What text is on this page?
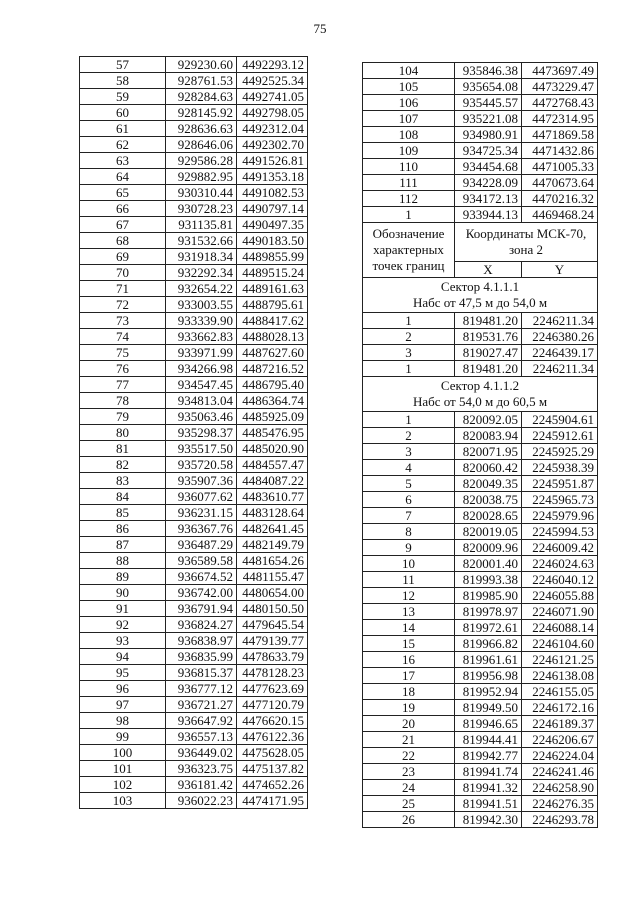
75
57	929230.60	4492293.12
58	928761.53	4492525.34
59	928284.63	4492741.05
60	928145.92	4492798.05
61	928636.63	4492312.04
62	928646.06	4492302.70
63	929586.28	4491526.81
64	929882.95	4491353.18
65	930310.44	4491082.53
66	930728.23	4490797.14
67	931135.81	4490497.35
68	931532.66	4490183.50
69	931918.34	4489855.99
70	932292.34	4489515.24
71	932654.22	4489161.63
72	933003.55	4488795.61
73	933339.90	4488417.62
74	933662.83	4488028.13
75	933971.99	4487627.60
76	934266.98	4487216.52
77	934547.45	4486795.40
78	934813.04	4486364.74
79	935063.46	4485925.09
80	935298.37	4485476.95
81	935517.50	4485020.90
82	935720.58	4484557.47
83	935907.36	4484087.22
84	936077.62	4483610.77
85	936231.15	4483128.64
86	936367.76	4482641.45
87	936487.29	4482149.79
88	936589.58	4481654.26
89	936674.52	4481155.47
90	936742.00	4480654.00
91	936791.94	4480150.50
92	936824.27	4479645.54
93	936838.97	4479139.77
94	936835.99	4478633.79
95	936815.37	4478128.23
96	936777.12	4477623.69
97	936721.27	4477120.79
98	936647.92	4476620.15
99	936557.13	4476122.36
100	936449.02	4475628.05
101	936323.75	4475137.82
102	936181.42	4474652.26
103	936022.23	4474171.95
104	935846.38	4473697.49
105	935654.08	4473229.47
106	935445.57	4472768.43
107	935221.08	4472314.95
108	934980.91	4471869.58
109	934725.34	4471432.86
110	934454.68	4471005.33
111	934228.09	4470673.64
112	934172.13	4470216.32
1	933944.13	4469468.24
Обозначение характерных точек границ	Координаты МСК-70, зона 2	
	X	Y

Сектор 4.1.1.1
Набс от 47,5 м до 54,0 м		

1	819481.20	2246211.34
2	819531.76	2246380.26
3	819027.47	2246439.17
1	819481.20	2246211.34

Сектор 4.1.1.2
Набс от 54,0 м до 60,5 м		

1	820092.05	2245904.61
2	820083.94	2245912.61
3	820071.95	2245925.29
4	820060.42	2245938.39
5	820049.35	2245951.87
6	820038.75	2245965.73
7	820028.65	2245979.96
8	820019.05	2245994.53
9	820009.96	2246009.42
10	820001.40	2246024.63
11	819993.38	2246040.12
12	819985.90	2246055.88
13	819978.97	2246071.90
14	819972.61	2246088.14
15	819966.82	2246104.60
16	819961.61	2246121.25
17	819956.98	2246138.08
18	819952.94	2246155.05
19	819949.50	2246172.16
20	819946.65	2246189.37
21	819944.41	2246206.67
22	819942.77	2246224.04
23	819941.74	2246241.46
24	819941.32	2246258.90
25	819941.51	2246276.35
26	819942.30	2246293.78
